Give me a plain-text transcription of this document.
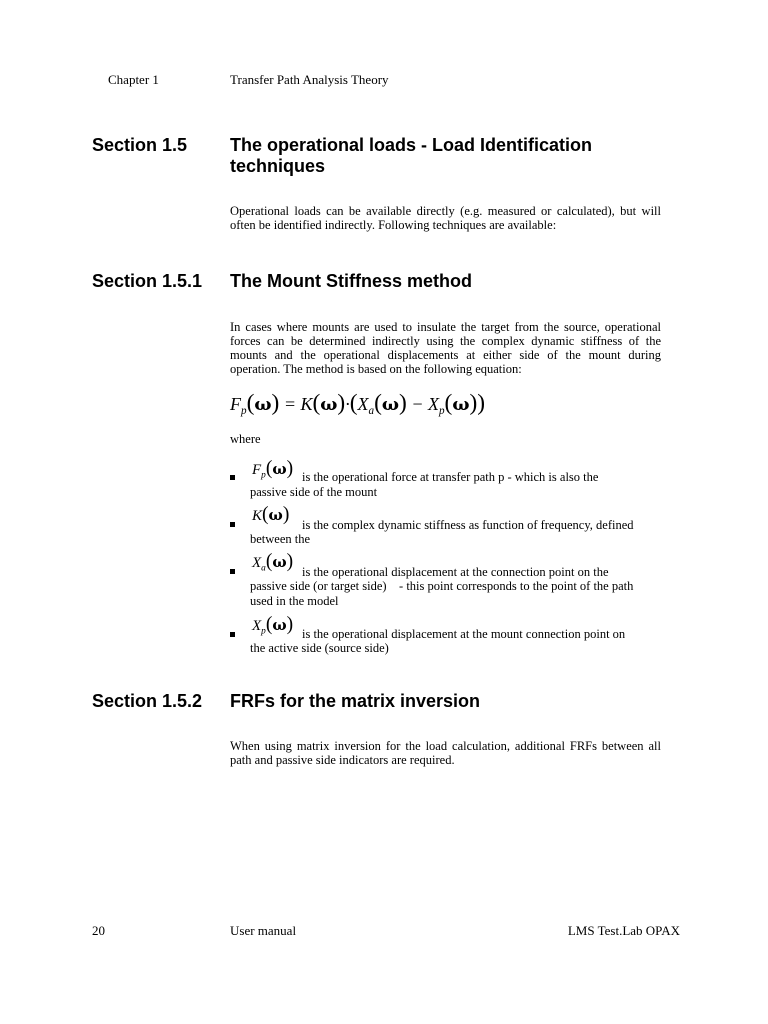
Chapter 1	Transfer Path Analysis Theory
Section 1.5 The operational loads - Load Identification techniques
Operational loads can be available directly (e.g. measured or calculated), but will often be identified indirectly. Following techniques are available:
Section 1.5.1 The Mount Stiffness method
In cases where mounts are used to insulate the target from the source, operational forces can be determined indirectly using the complex dynamic stiffness of the mounts and the operational displacements at either side of the mount during operation. The method is based on the following equation:
$F_p(\omega) = K(\omega)\cdot(X_a(\omega) - X_p(\omega))$
where
$F_p(\omega)$ is the operational force at transfer path p - which is also the
passive side of the mount
K(ω) is the complex dynamic stiffness as function of frequency, defined
between the
$X_a(\omega)$ is the operational displacement at the connection point on the
passive side (or target side)    - this point corresponds to the point of the path
used in the model
$X_p(\omega)$ is the operational displacement at the mount connection point on
the active side (source side)
Section 1.5.2 FRFs for the matrix inversion
When using matrix inversion for the load calculation, additional FRFs between all path and passive side indicators are required.
20	User manual	LMS Test.Lab OPAX
